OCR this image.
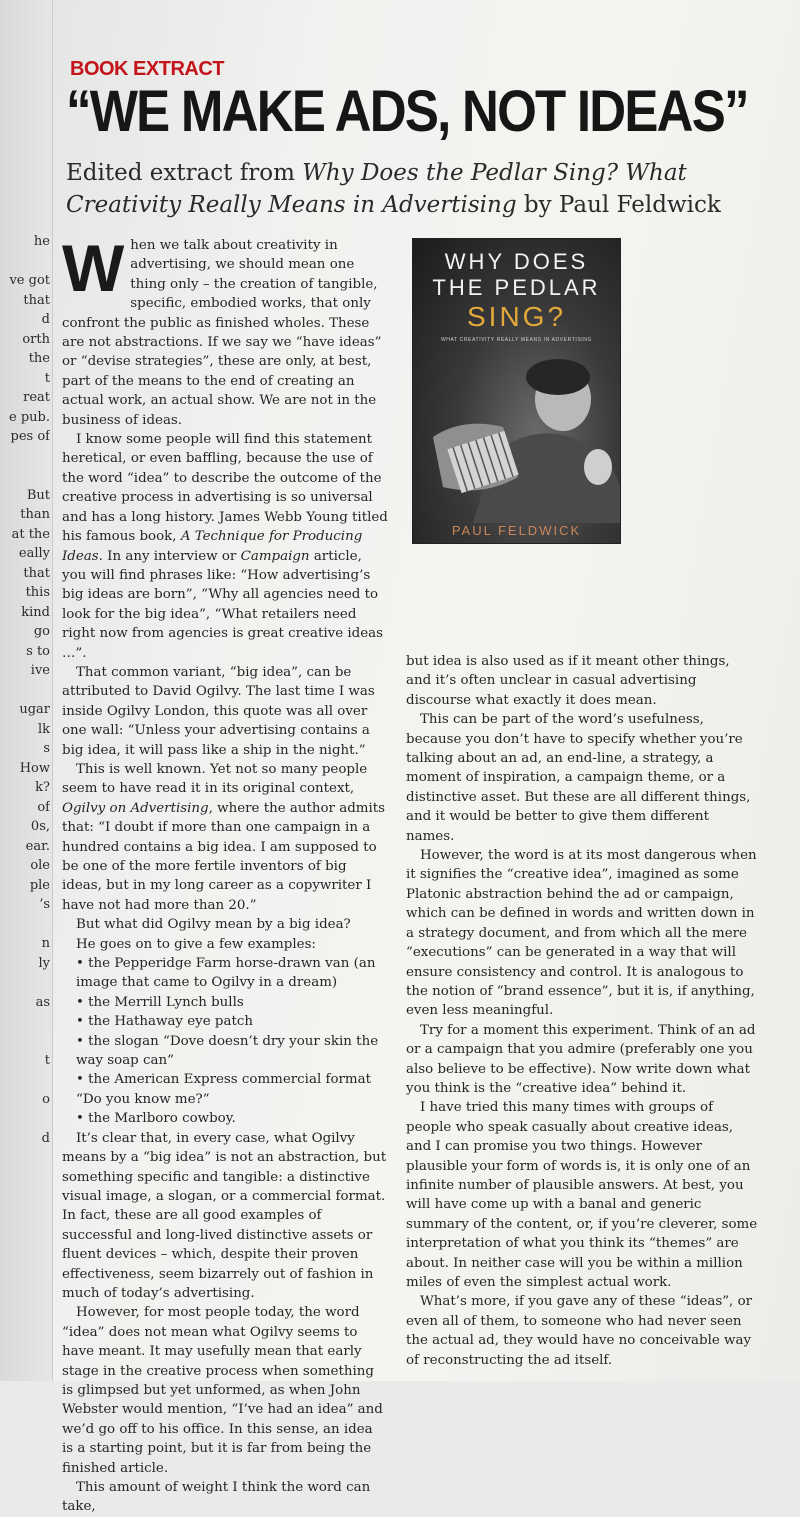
BOOK EXTRACT
“WE MAKE ADS, NOT IDEAS”
Edited extract from Why Does the Pedlar Sing? What Creativity Really Means in Advertising by Paul Feldwick

When we talk about creativity in advertising, we should mean one thing only – the creation of tangible, specific, embodied works, that only confront the public as finished wholes. These are not abstractions. If we say we “have ideas” or “devise strategies”, these are only, at best, part of the means to the end of creating an actual work, an actual show. We are not in the business of ideas.

I know some people will find this statement heretical, or even baffling, because the use of the word “idea” to describe the outcome of the creative process in advertising is so universal and has a long history. James Webb Young titled his famous book, A Technique for Producing Ideas. In any interview or Campaign article, you will find phrases like: “How advertising’s big ideas are born”, “Why all agencies need to look for the big idea”, “What retailers need right now from agencies is great creative ideas …”.

That common variant, “big idea”, can be attributed to David Ogilvy. The last time I was inside Ogilvy London, this quote was all over one wall: “Unless your advertising contains a big idea, it will pass like a ship in the night.”

This is well known. Yet not so many people seem to have read it in its original context, Ogilvy on Advertising, where the author admits that: “I doubt if more than one campaign in a hundred contains a big idea. I am supposed to be one of the more fertile inventors of big ideas, but in my long career as a copywriter I have not had more than 20.”

But what did Ogilvy mean by a big idea?

He goes on to give a few examples:

• the Pepperidge Farm horse-drawn van (an image that came to Ogilvy in a dream)

• the Merrill Lynch bulls

• the Hathaway eye patch

• the slogan “Dove doesn’t dry your skin the way soap can”

• the American Express commercial format “Do you know me?”

• the Marlboro cowboy.

It’s clear that, in every case, what Ogilvy means by a “big idea” is not an abstraction, but something specific and tangible: a distinctive visual image, a slogan, or a commercial format. In fact, these are all good examples of successful and long-lived distinctive assets or fluent devices – which, despite their proven effectiveness, seem bizarrely out of fashion in much of today’s advertising.

However, for most people today, the word “idea” does not mean what Ogilvy seems to have meant. It may usefully mean that early stage in the creative process when something is glimpsed but yet unformed, as when John Webster would mention, “I’ve had an idea” and we’d go off to his office. In this sense, an idea is a starting point, but it is far from being the finished article.

This amount of weight I think the word can take,

WHY DOES
THE PEDLAR
SING?
WHAT CREATIVITY REALLY MEANS IN ADVERTISING
PAUL FELDWICK

but idea is also used as if it meant other things, and it’s often unclear in casual advertising discourse what exactly it does mean.

This can be part of the word’s usefulness, because you don’t have to specify whether you’re talking about an ad, an end-line, a strategy, a moment of inspiration, a campaign theme, or a distinctive asset. But these are all different things, and it would be better to give them different names.

However, the word is at its most dangerous when it signifies the “creative idea”, imagined as some Platonic abstraction behind the ad or campaign, which can be defined in words and written down in a strategy document, and from which all the mere “executions” can be generated in a way that will ensure consistency and control. It is analogous to the notion of “brand essence”, but it is, if anything, even less meaningful.

Try for a moment this experiment. Think of an ad or a campaign that you admire (preferably one you also believe to be effective). Now write down what you think is the “creative idea” behind it.

I have tried this many times with groups of people who speak casually about creative ideas, and I can promise you two things. However plausible your form of words is, it is only one of an infinite number of plausible answers. At best, you will have come up with a banal and generic summary of the content, or, if you’re cleverer, some interpretation of what you think its “themes” are about. In neither case will you be within a million miles of even the simplest actual work.

What’s more, if you gave any of these “ideas”, or even all of them, to someone who had never seen the actual ad, they would have no conceivable way of reconstructing the ad itself.

he
ve got
that
d
orth
the
t
reat
e pub.
pes of
But
than
at the
eally
that
this
kind
go
s to
ive
ugar
lk
s
How
k?
of
0s,
ear.
ole
ple
’s
n
ly
as
t
o
d
